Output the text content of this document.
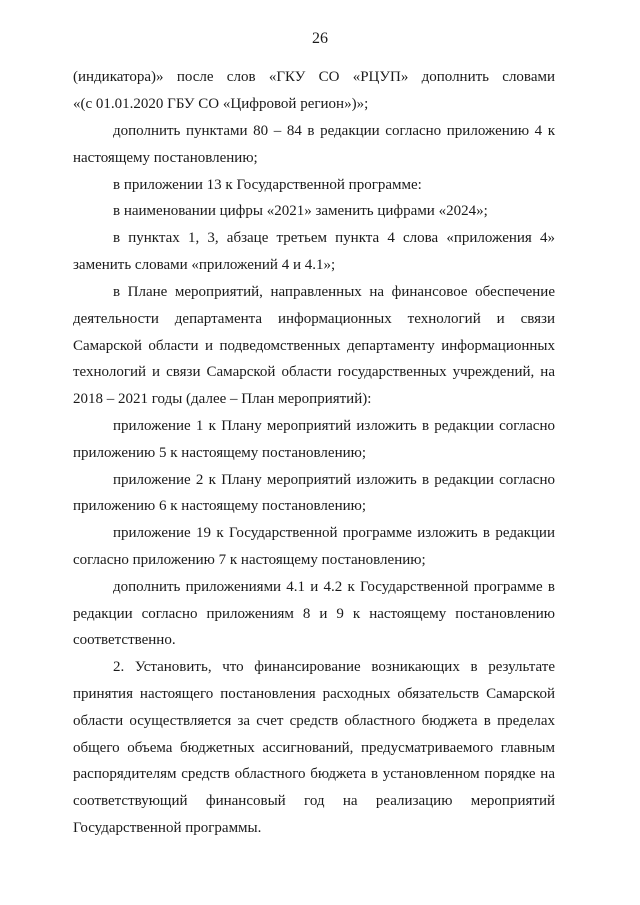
26
(индикатора)» после слов «ГКУ СО «РЦУП» дополнить словами
«(с 01.01.2020 ГБУ СО «Цифровой регион»)»;
дополнить пунктами 80 – 84 в редакции согласно приложению 4 к
настоящему постановлению;
в приложении 13 к Государственной программе:
в наименовании цифры «2021» заменить цифрами «2024»;
в пунктах 1, 3, абзаце третьем пункта 4 слова «приложения 4»
заменить словами «приложений 4 и 4.1»;
в Плане мероприятий, направленных на финансовое обеспечение
деятельности департамента информационных технологий и связи
Самарской области и подведомственных департаменту информационных
технологий и связи Самарской области государственных учреждений, на
2018 – 2021 годы (далее – План мероприятий):
приложение 1 к Плану мероприятий изложить в редакции согласно
приложению 5 к настоящему постановлению;
приложение 2 к Плану мероприятий изложить в редакции согласно
приложению 6 к настоящему постановлению;
приложение 19 к Государственной программе изложить в редакции
согласно приложению 7 к настоящему постановлению;
дополнить приложениями 4.1 и 4.2 к Государственной программе в
редакции согласно приложениям 8 и 9 к настоящему постановлению
соответственно.
2. Установить, что финансирование возникающих в результате
принятия настоящего постановления расходных обязательств Самарской
области осуществляется за счет средств областного бюджета в пределах
общего объема бюджетных ассигнований, предусматриваемого главным
распорядителям средств областного бюджета в установленном порядке на
соответствующий финансовый год на реализацию мероприятий
Государственной программы.
